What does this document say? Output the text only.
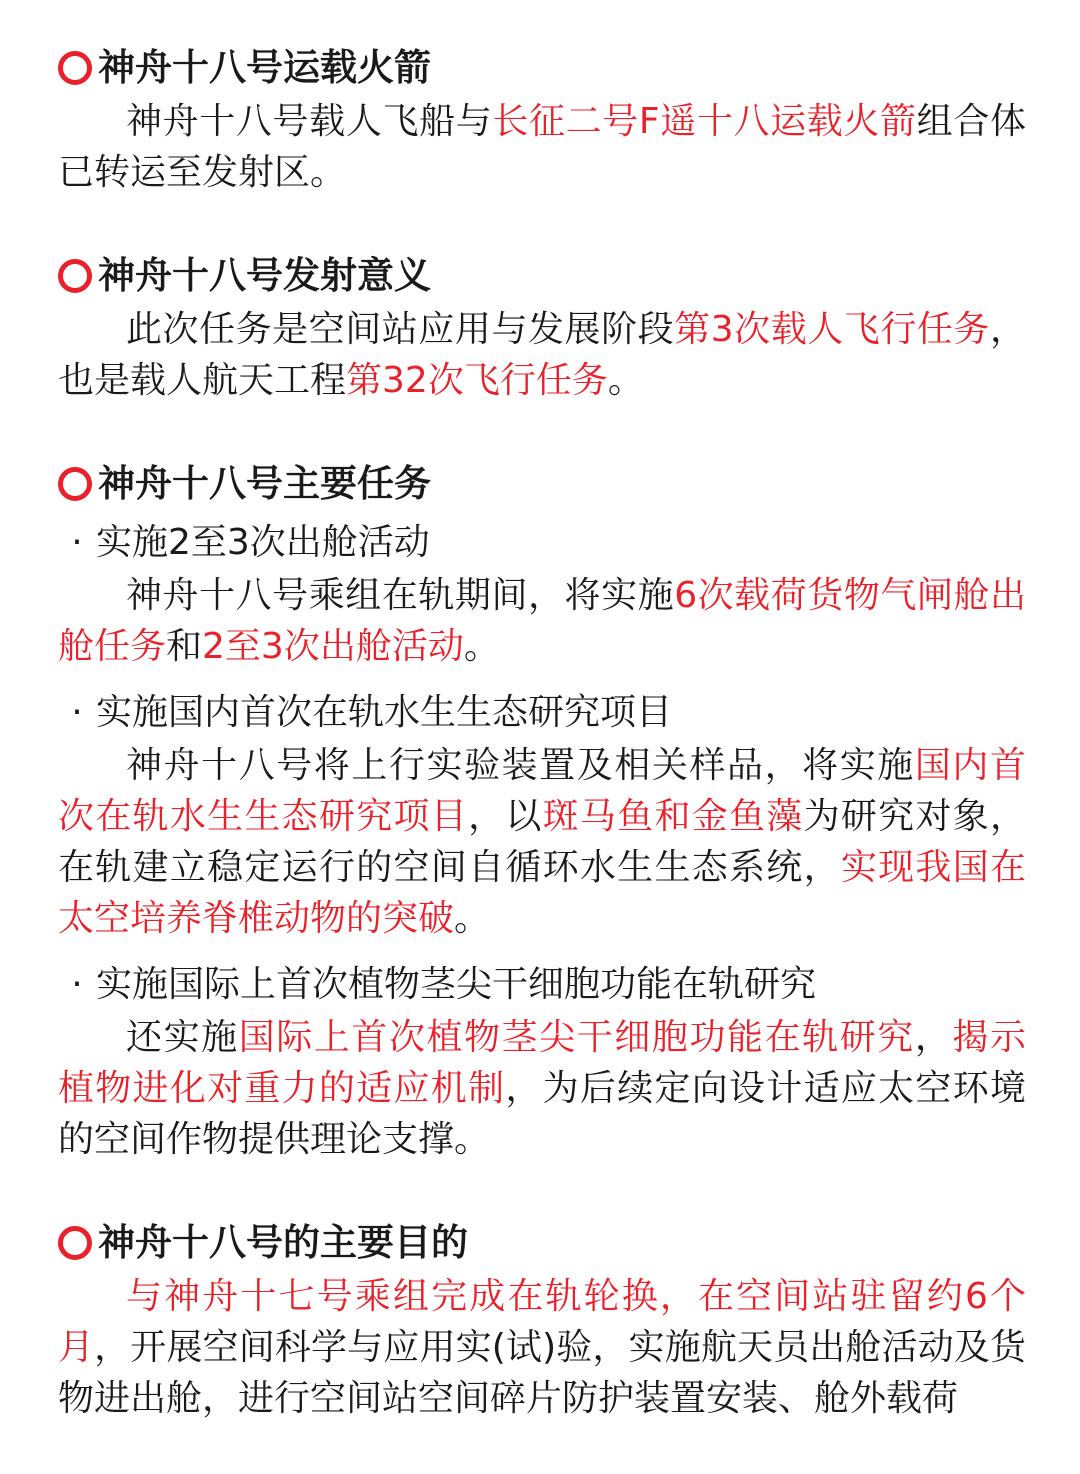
神舟十八号运载火箭
神舟十八号载人飞船与长征二号F遥十八运载火箭组合体已转运至发射区。
神舟十八号发射意义
此次任务是空间站应用与发展阶段第3次载人飞行任务，也是载人航天工程第32次飞行任务。
神舟十八号主要任务
· 实施2至3次出舱活动
神舟十八号乘组在轨期间，将实施6次载荷货物气闸舱出舱任务和2至3次出舱活动。
· 实施国内首次在轨水生生态研究项目
神舟十八号将上行实验装置及相关样品，将实施国内首次在轨水生生态研究项目，以斑马鱼和金鱼藻为研究对象，在轨建立稳定运行的空间自循环水生生态系统，实现我国在太空培养脊椎动物的突破。
· 实施国际上首次植物茎尖干细胞功能在轨研究
还实施国际上首次植物茎尖干细胞功能在轨研究，揭示植物进化对重力的适应机制，为后续定向设计适应太空环境的空间作物提供理论支撑。
神舟十八号的主要目的
与神舟十七号乘组完成在轨轮换，在空间站驻留约6个月，开展空间科学与应用实(试)验，实施航天员出舱活动及货物进出舱，进行空间站空间碎片防护装置安装、舱外载荷
